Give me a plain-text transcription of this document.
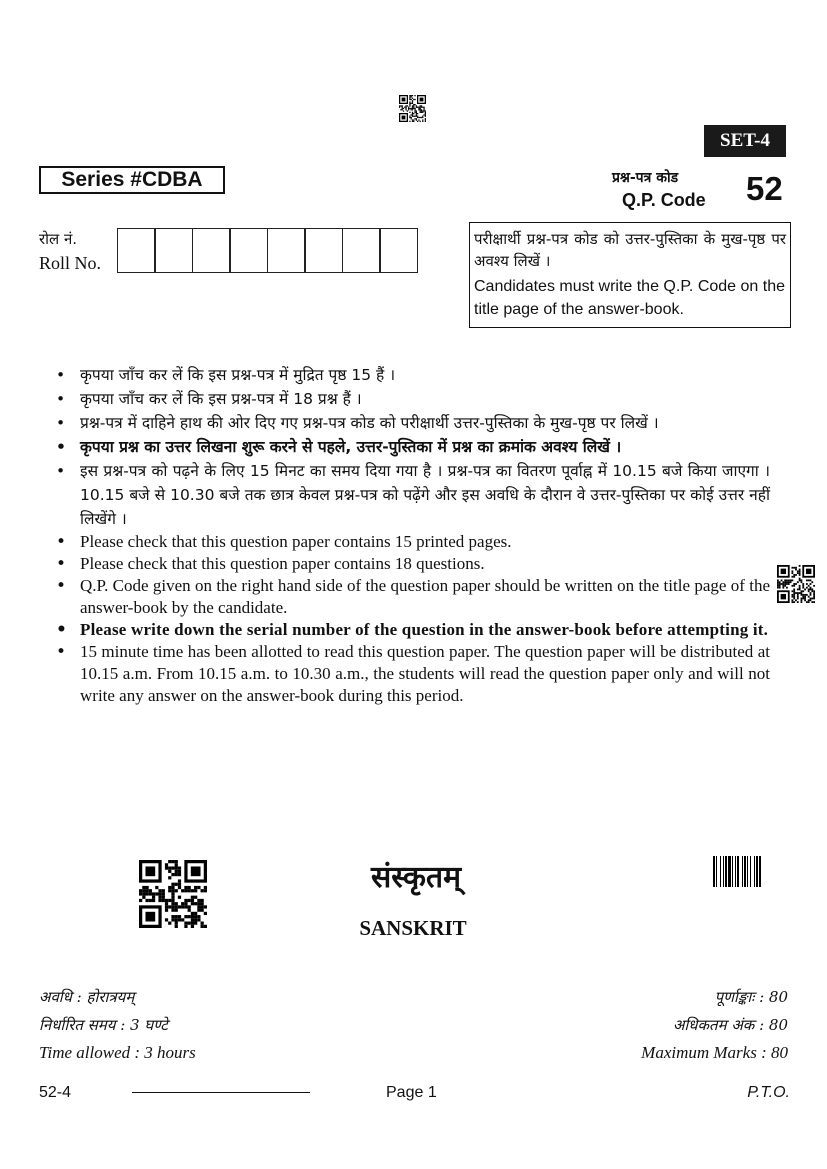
SET-4
Series #CDBA	प्रश्न-पत्र कोड
Q.P. Code 52
रोल नं.
Roll No.
परीक्षार्थी प्रश्न-पत्र कोड को उत्तर-पुस्तिका के मुख-पृष्ठ पर अवश्य लिखें ।
Candidates must write the Q.P. Code on the title page of the answer-book.
• कृपया जाँच कर लें कि इस प्रश्न-पत्र में मुद्रित पृष्ठ 15 हैं ।
• कृपया जाँच कर लें कि इस प्रश्न-पत्र में 18 प्रश्न हैं ।
• प्रश्न-पत्र में दाहिने हाथ की ओर दिए गए प्रश्न-पत्र कोड को परीक्षार्थी उत्तर-पुस्तिका के मुख-पृष्ठ पर लिखें ।
• कृपया प्रश्न का उत्तर लिखना शुरू करने से पहले, उत्तर-पुस्तिका में प्रश्न का क्रमांक अवश्य लिखें ।
• इस प्रश्न-पत्र को पढ़ने के लिए 15 मिनट का समय दिया गया है । प्रश्न-पत्र का वितरण पूर्वाह्न में 10.15 बजे किया जाएगा । 10.15 बजे से 10.30 बजे तक छात्र केवल प्रश्न-पत्र को पढ़ेंगे और इस अवधि के दौरान वे उत्तर-पुस्तिका पर कोई उत्तर नहीं लिखेंगे ।
• Please check that this question paper contains 15 printed pages.
• Please check that this question paper contains 18 questions.
• Q.P. Code given on the right hand side of the question paper should be written on the title page of the answer-book by the candidate.
• Please write down the serial number of the question in the answer-book before attempting it.
• 15 minute time has been allotted to read this question paper. The question paper will be distributed at 10.15 a.m. From 10.15 a.m. to 10.30 a.m., the students will read the question paper only and will not write any answer on the answer-book during this period.
संस्कृतम्
SANSKRIT
अवधि : होरात्रयम्
निर्धारित समय : 3 घण्टे
Time allowed : 3 hours
पूर्णाङ्काः : 80
अधिकतम अंक : 80
Maximum Marks : 80
52-4	Page 1	P.T.O.
